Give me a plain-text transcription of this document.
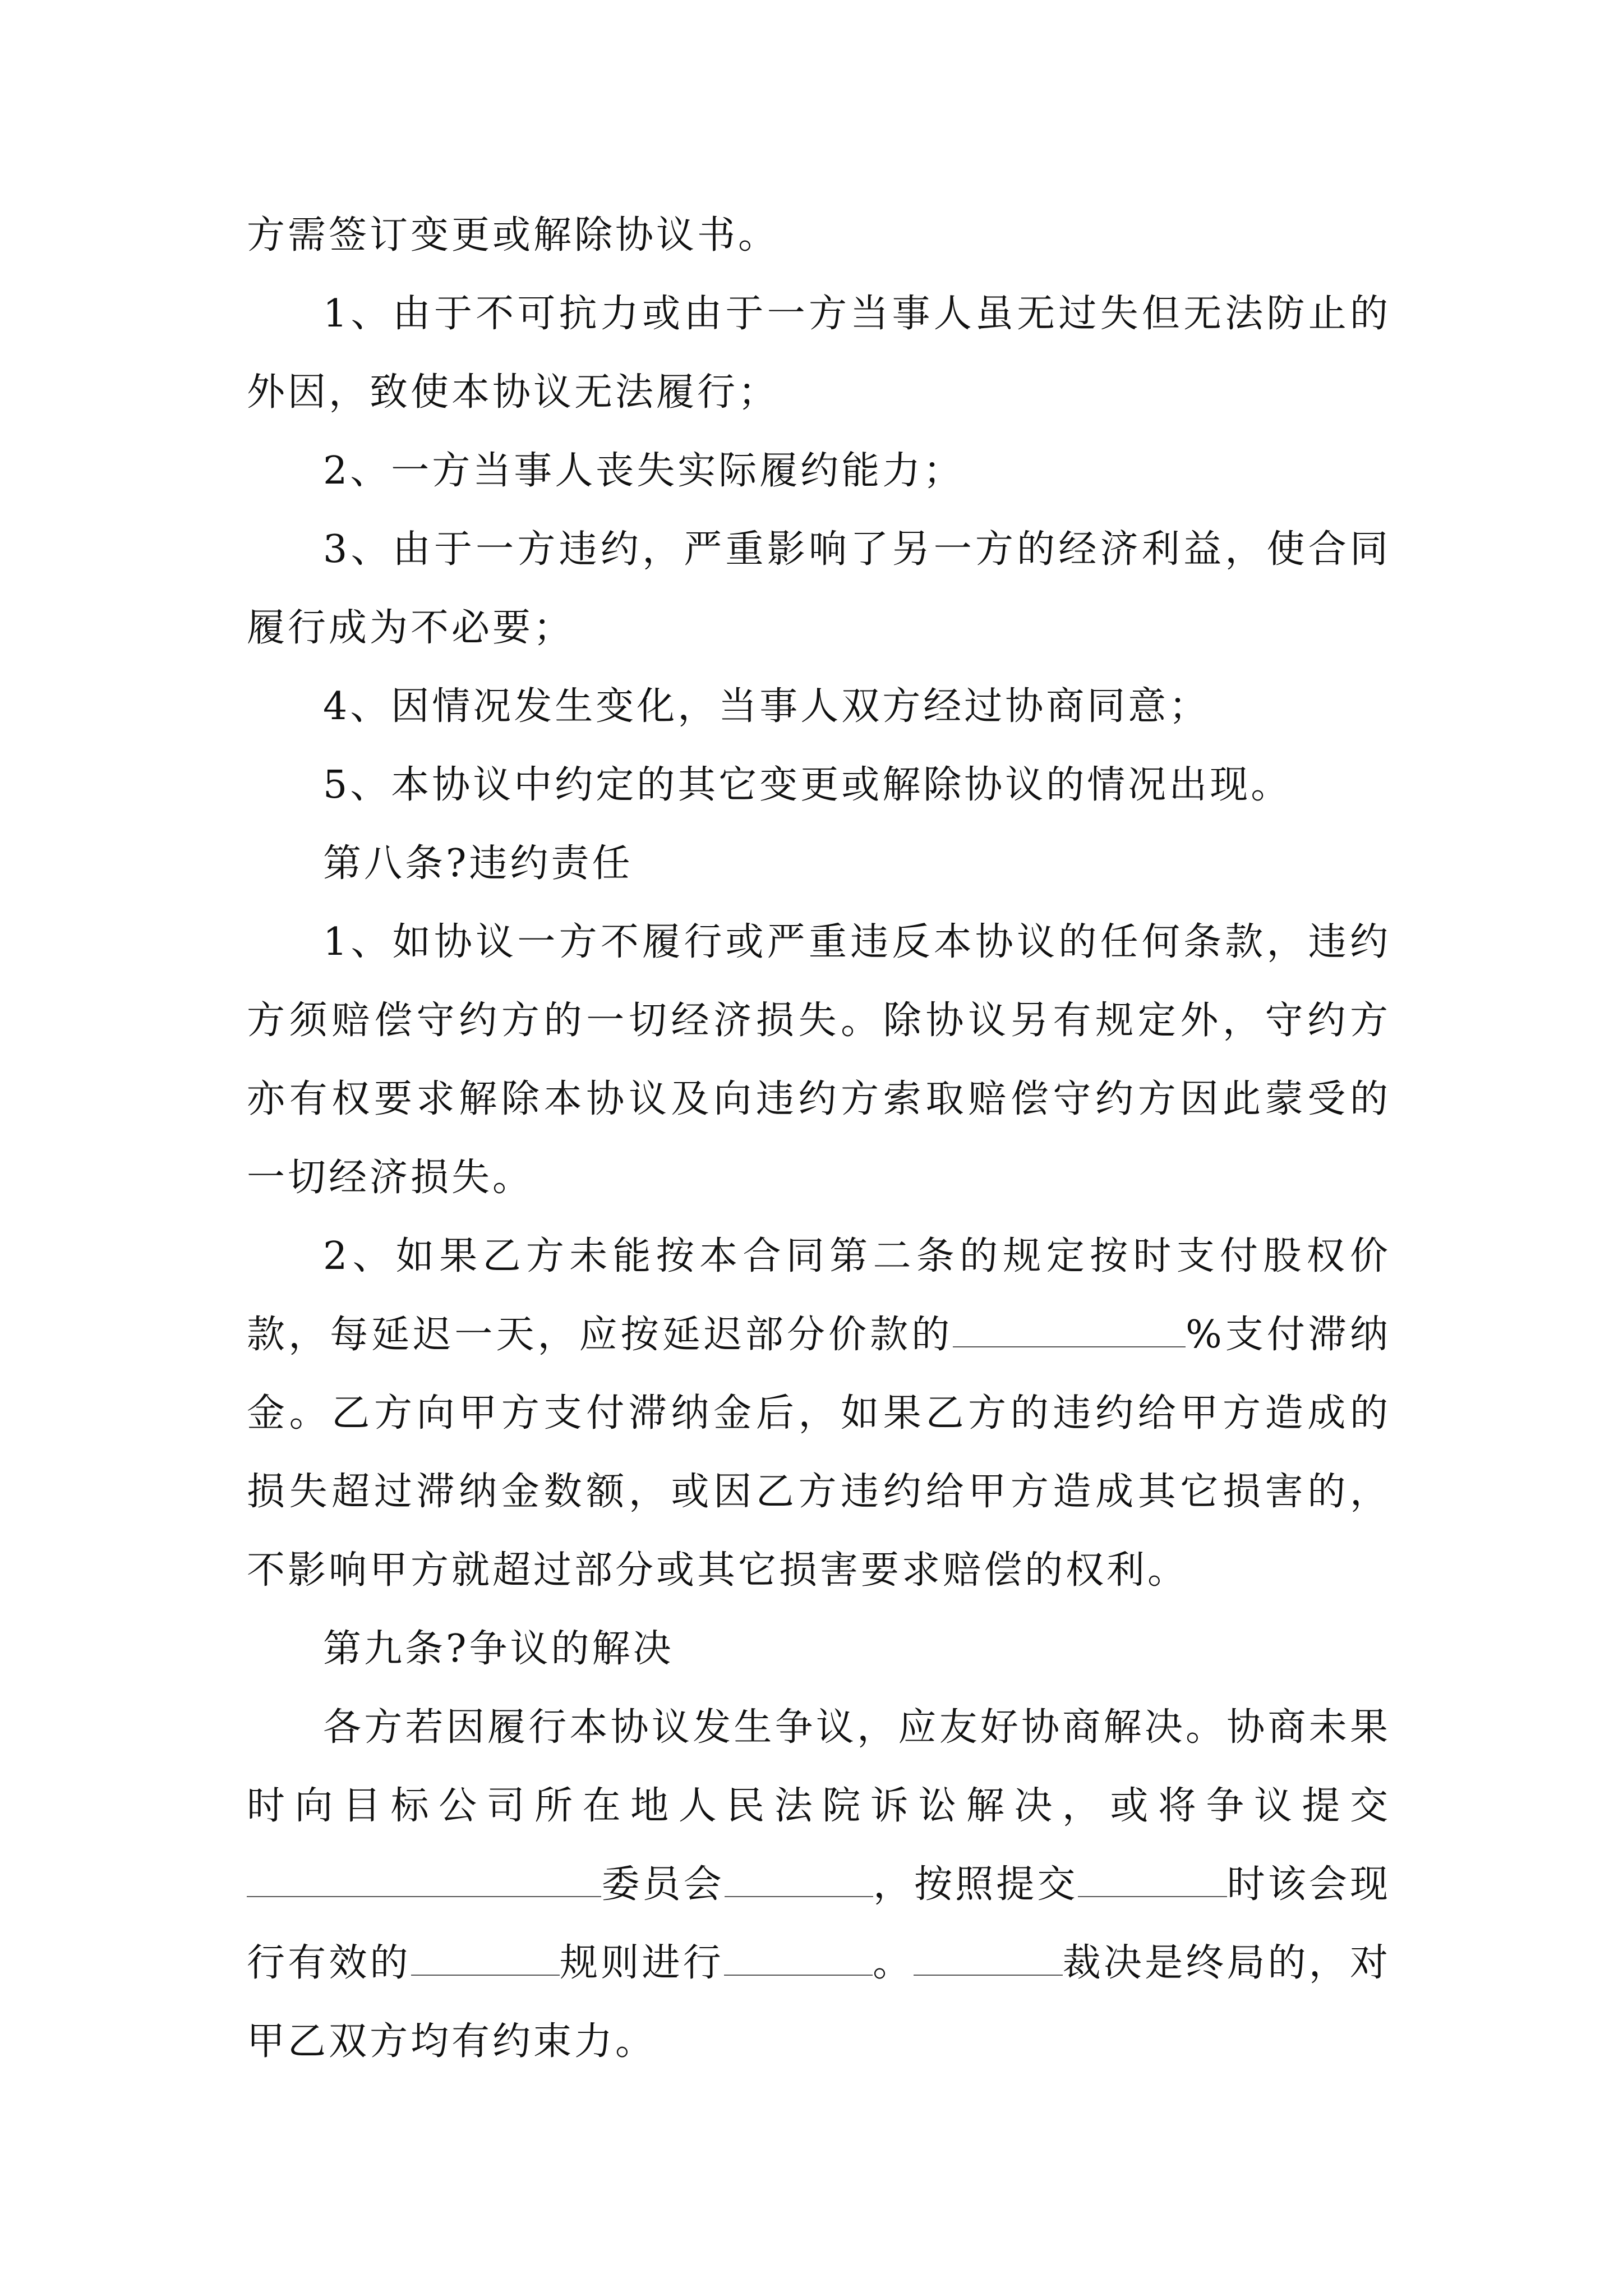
方需签订变更或解除协议书。

1、由于不可抗力或由于一方当事人虽无过失但无法防止的外因，致使本协议无法履行；

2、一方当事人丧失实际履约能力；

3、由于一方违约，严重影响了另一方的经济利益，使合同履行成为不必要；

4、因情况发生变化，当事人双方经过协商同意；

5、本协议中约定的其它变更或解除协议的情况出现。

第八条?违约责任

1、如协议一方不履行或严重违反本协议的任何条款，违约方须赔偿守约方的一切经济损失。除协议另有规定外，守约方亦有权要求解除本协议及向违约方索取赔偿守约方因此蒙受的一切经济损失。

2、如果乙方未能按本合同第二条的规定按时支付股权价款，每延迟一天，应按延迟部分价款的	%支付滞纳金。乙方向甲方支付滞纳金后，如果乙方的违约给甲方造成的损失超过滞纳金数额，或因乙方违约给甲方造成其它损害的，不影响甲方就超过部分或其它损害要求赔偿的权利。

第九条?争议的解决

各方若因履行本协议发生争议，应友好协商解决。协商未果时向目标公司所在地人民法院诉讼解决，或将争议提交委员会	，按照提交	时该会现行有效的	规则进行	。	裁决是终局的，对甲乙双方均有约束力。
